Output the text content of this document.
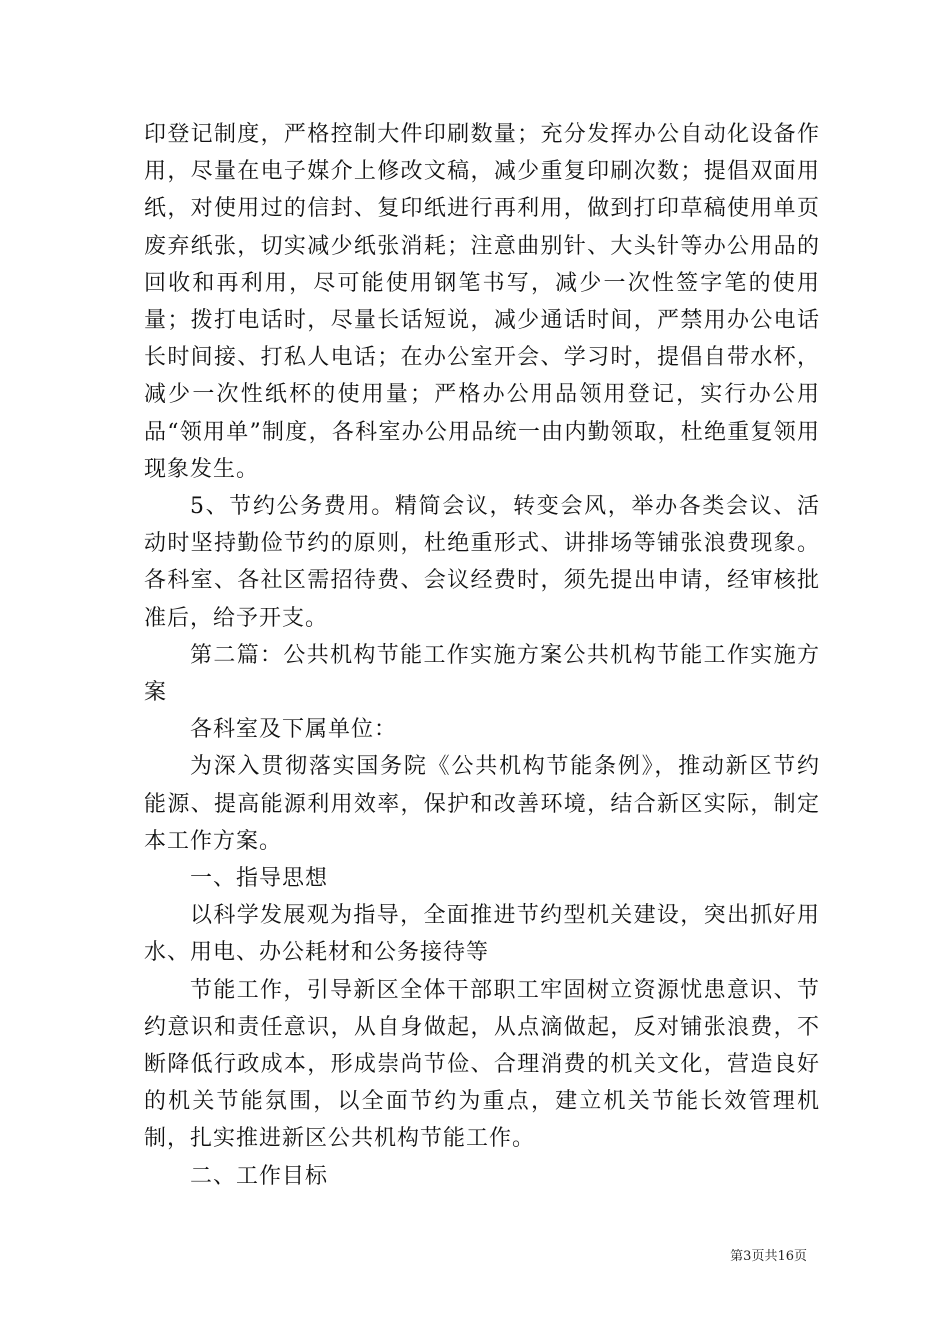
印登记制度，严格控制大件印刷数量；充分发挥办公自动化设备作用，尽量在电子媒介上修改文稿，减少重复印刷次数；提倡双面用纸，对使用过的信封、复印纸进行再利用，做到打印草稿使用单页废弃纸张，切实减少纸张消耗；注意曲别针、大头针等办公用品的回收和再利用，尽可能使用钢笔书写，减少一次性签字笔的使用量；拨打电话时，尽量长话短说，减少通话时间，严禁用办公电话长时间接、打私人电话；在办公室开会、学习时，提倡自带水杯，减少一次性纸杯的使用量；严格办公用品领用登记，实行办公用品“领用单”制度，各科室办公用品统一由内勤领取，杜绝重复领用现象发生。

5、节约公务费用。精简会议，转变会风，举办各类会议、活动时坚持勤俭节约的原则，杜绝重形式、讲排场等铺张浪费现象。各科室、各社区需招待费、会议经费时，须先提出申请，经审核批准后，给予开支。

第二篇：公共机构节能工作实施方案公共机构节能工作实施方案

各科室及下属单位：

为深入贯彻落实国务院《公共机构节能条例》，推动新区节约能源、提高能源利用效率，保护和改善环境，结合新区实际，制定本工作方案。

一、指导思想

以科学发展观为指导，全面推进节约型机关建设，突出抓好用水、用电、办公耗材和公务接待等

节能工作，引导新区全体干部职工牢固树立资源忧患意识、节约意识和责任意识，从自身做起，从点滴做起，反对铺张浪费，不断降低行政成本，形成崇尚节俭、合理消费的机关文化，营造良好的机关节能氛围，以全面节约为重点，建立机关节能长效管理机制，扎实推进新区公共机构节能工作。

二、工作目标

第3页共16页
